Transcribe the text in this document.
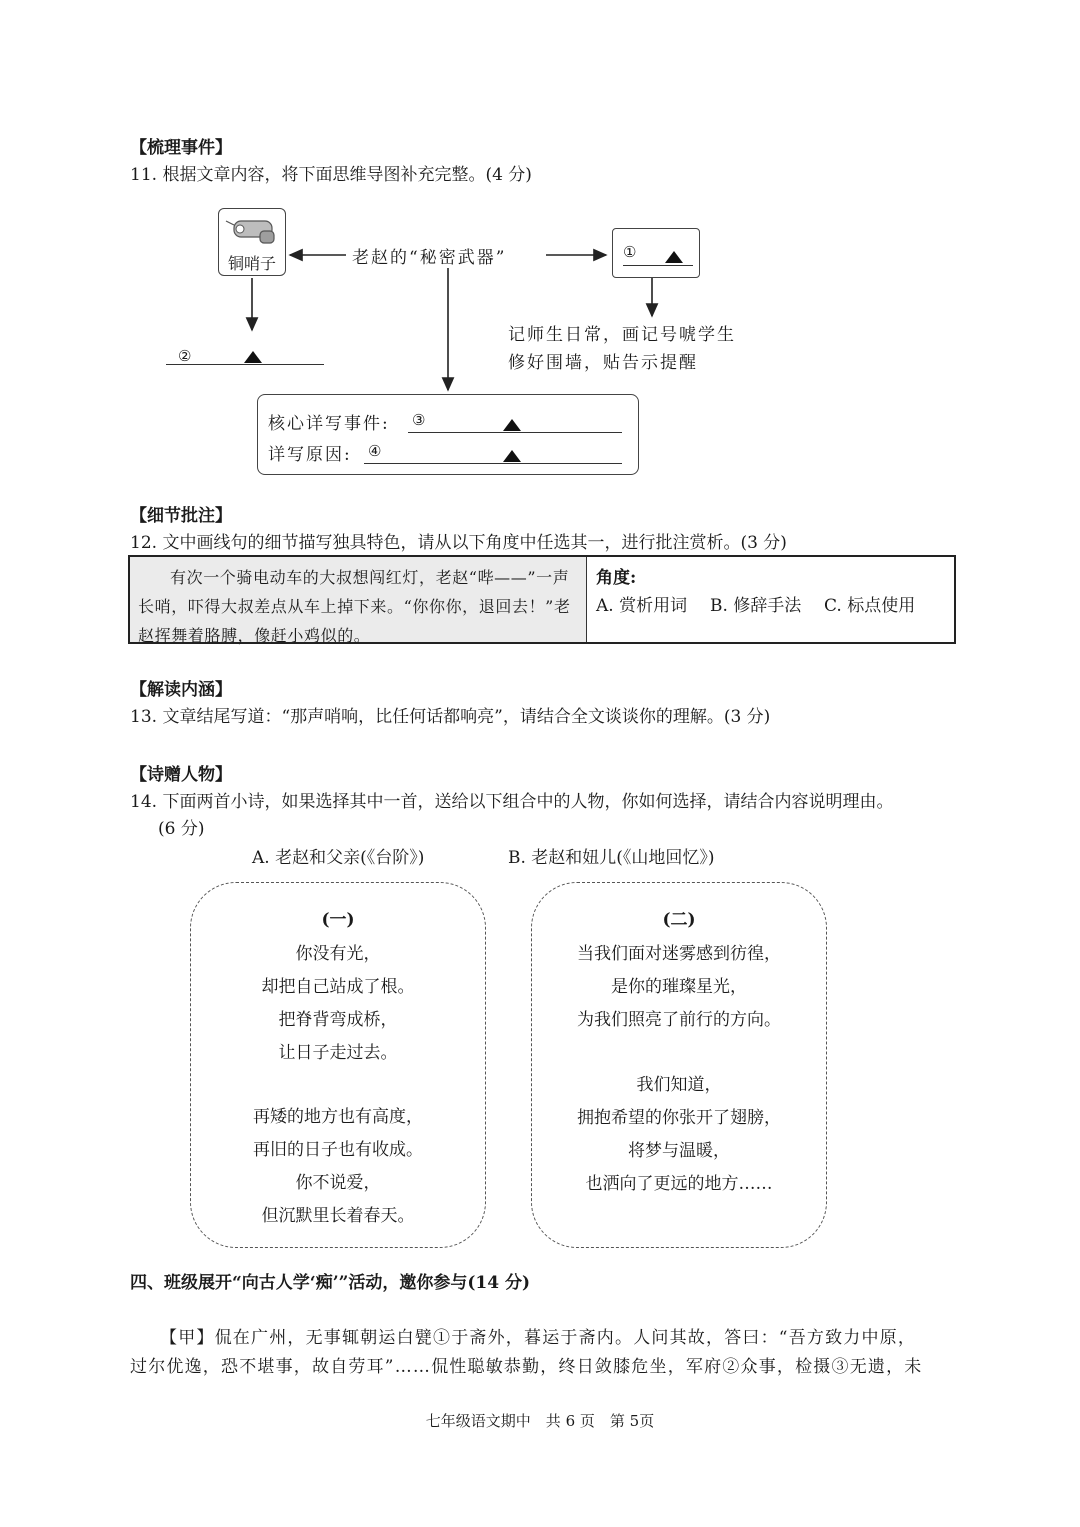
【梳理事件】
11. 根据文章内容，将下面思维导图补充完整。(4 分)
铜哨子	老赵的“秘密武器”	①
②
记师生日常，画记号唬学生
修好围墙，贴告示提醒
核心详写事件: ③
详写原因: ④
【细节批注】
12. 文中画线句的细节描写独具特色，请从以下角度中任选其一，进行批注赏析。(3 分)
有次一个骑电动车的大叔想闯红灯，老赵“哔——”一声长哨，吓得大叔差点从车上掉下来。“你你你，退回去！”老赵挥舞着胳膊，像赶小鸡似的。
角度:
A. 赏析用词 B. 修辞手法 C. 标点使用
【解读内涵】
13. 文章结尾写道：“那声哨响，比任何话都响亮”，请结合全文谈谈你的理解。(3 分)
【诗赠人物】
14. 下面两首小诗，如果选择其中一首，送给以下组合中的人物，你如何选择，请结合内容说明理由。
(6 分)
A. 老赵和父亲(《台阶》)	B. 老赵和妞儿(《山地回忆》)
(一)
你没有光，
却把自己站成了根。
把脊背弯成桥，
让日子走过去。
再矮的地方也有高度，
再旧的日子也有收成。
你不说爱，
但沉默里长着春天。
(二)
当我们面对迷雾感到彷徨，
是你的璀璨星光，
为我们照亮了前行的方向。
我们知道，
拥抱希望的你张开了翅膀，
将梦与温暖，
也洒向了更远的地方……
四、班级展开“向古人学‘痴’”活动，邀你参与(14 分)
【甲】侃在广州，无事辄朝运白甓①于斋外，暮运于斋内。人问其故，答曰：“吾方致力中原，
过尔优逸，恐不堪事，故自劳耳”……侃性聪敏恭勤，终日敛膝危坐，军府②众事，检摄③无遗，未
七年级语文期中　共 6 页　第 5页
